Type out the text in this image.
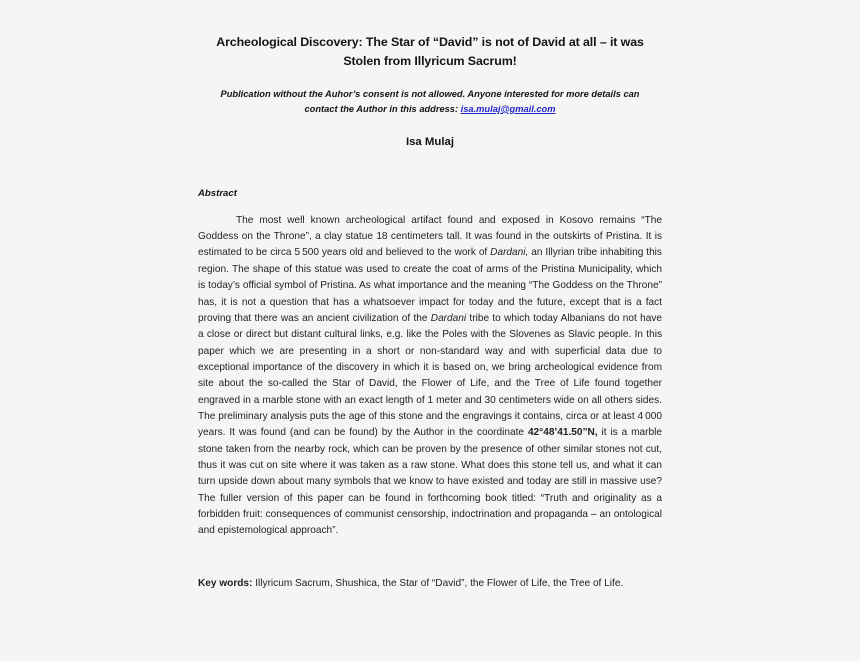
Archeological Discovery: The Star of “David” is not of David at all – it was Stolen from Illyricum Sacrum!

Publication without the Auhor’s consent is not allowed. Anyone interested for more details can contact the Author in this address: isa.mulaj@gmail.com

Isa Mulaj

Abstract

The most well known archeological artifact found and exposed in Kosovo remains “The Goddess on the Throne”, a clay statue 18 centimeters tall. It was found in the outskirts of Pristina. It is estimated to be circa 5 500 years old and believed to the work of Dardani, an Illyrian tribe inhabiting this region. The shape of this statue was used to create the coat of arms of the Pristina Municipality, which is today’s official symbol of Pristina. As what importance and the meaning “The Goddess on the Throne” has, it is not a question that has a whatsoever impact for today and the future, except that is a fact proving that there was an ancient civilization of the Dardani tribe to which today Albanians do not have a close or direct but distant cultural links, e.g. like the Poles with the Slovenes as Slavic people. In this paper which we are presenting in a short or non-standard way and with superficial data due to exceptional importance of the discovery in which it is based on, we bring archeological evidence from site about the so-called the Star of David, the Flower of Life, and the Tree of Life found together engraved in a marble stone with an exact length of 1 meter and 30 centimeters wide on all others sides. The preliminary analysis puts the age of this stone and the engravings it contains, circa or at least 4 000 years. It was found (and can be found) by the Author in the coordinate 42°48’41.50”N, it is a marble stone taken from the nearby rock, which can be proven by the presence of other similar stones not cut, thus it was cut on site where it was taken as a raw stone. What does this stone tell us, and what it can turn upside down about many symbols that we know to have existed and today are still in massive use? The fuller version of this paper can be found in forthcoming book titled: “Truth and originality as a forbidden fruit: consequences of communist censorship, indoctrination and propaganda – an ontological and epistemological approach”.

Key words: Illyricum Sacrum, Shushica, the Star of “David”, the Flower of Life, the Tree of Life.
